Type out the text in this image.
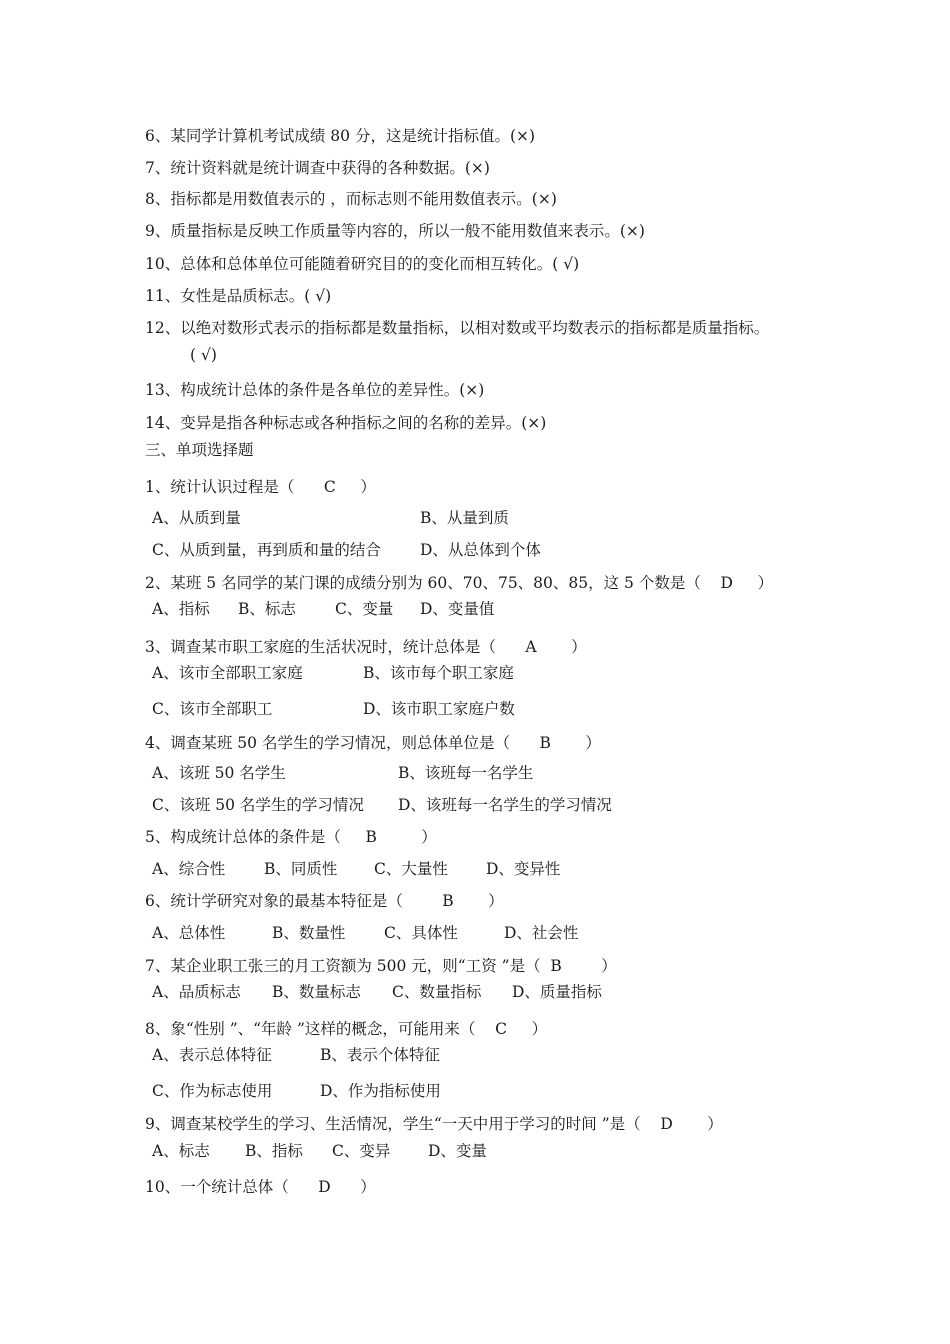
6、某同学计算机考试成绩 80 分，这是统计指标值。(×)
7、统计资料就是统计调查中获得的各种数据。(×)
8、指标都是用数值表示的 ，而标志则不能用数值表示。(×)
9、质量指标是反映工作质量等内容的，所以一般不能用数值来表示。(×)
10、总体和总体单位可能随着研究目的的变化而相互转化。( √)
11、女性是品质标志。( √)
12、以绝对数形式表示的指标都是数量指标，以相对数或平均数表示的指标都是质量指标。
( √)
13、构成统计总体的条件是各单位的差异性。(×)
14、变异是指各种标志或各种指标之间的名称的差异。(×)
三、单项选择题
1、统计认识过程是（      C     ）
A、从质到量	B、从量到质
C、从质到量，再到质和量的结合	D、从总体到个体
2、某班 5 名同学的某门课的成绩分别为 60、70、75、80、85，这 5 个数是（    D     ）
A、指标 B、标志	C、变量 D、变量值
3、调查某市职工家庭的生活状况时，统计总体是（      A       ）
A、该市全部职工家庭	B、该市每个职工家庭
C、该市全部职工	D、该市职工家庭户数
4、调查某班 50 名学生的学习情况，则总体单位是（      B       ）
A、该班 50 名学生	B、该班每一名学生
C、该班 50 名学生的学习情况 D、该班每一名学生的学习情况
5、构成统计总体的条件是（     B         ）
A、综合性	B、同质性 C、大量性 D、变异性
6、统计学研究对象的最基本特征是（        B       ）
A、总体性	B、数量性 C、具体性	D、社会性
7、某企业职工张三的月工资额为 500 元，则“工资 ”是（  B        ）
A、品质标志 B、数量标志 C、数量指标 D、质量指标
8、象“性别 ”、“年龄 ”这样的概念，可能用来（    C     ）
A、表示总体特征	B、表示个体特征
C、作为标志使用	D、作为指标使用
9、调查某校学生的学习、生活情况，学生“一天中用于学习的时间 ”是（    D       ）
A、标志 B、指标 C、变异 D、变量
10、一个统计总体（      D      ）
